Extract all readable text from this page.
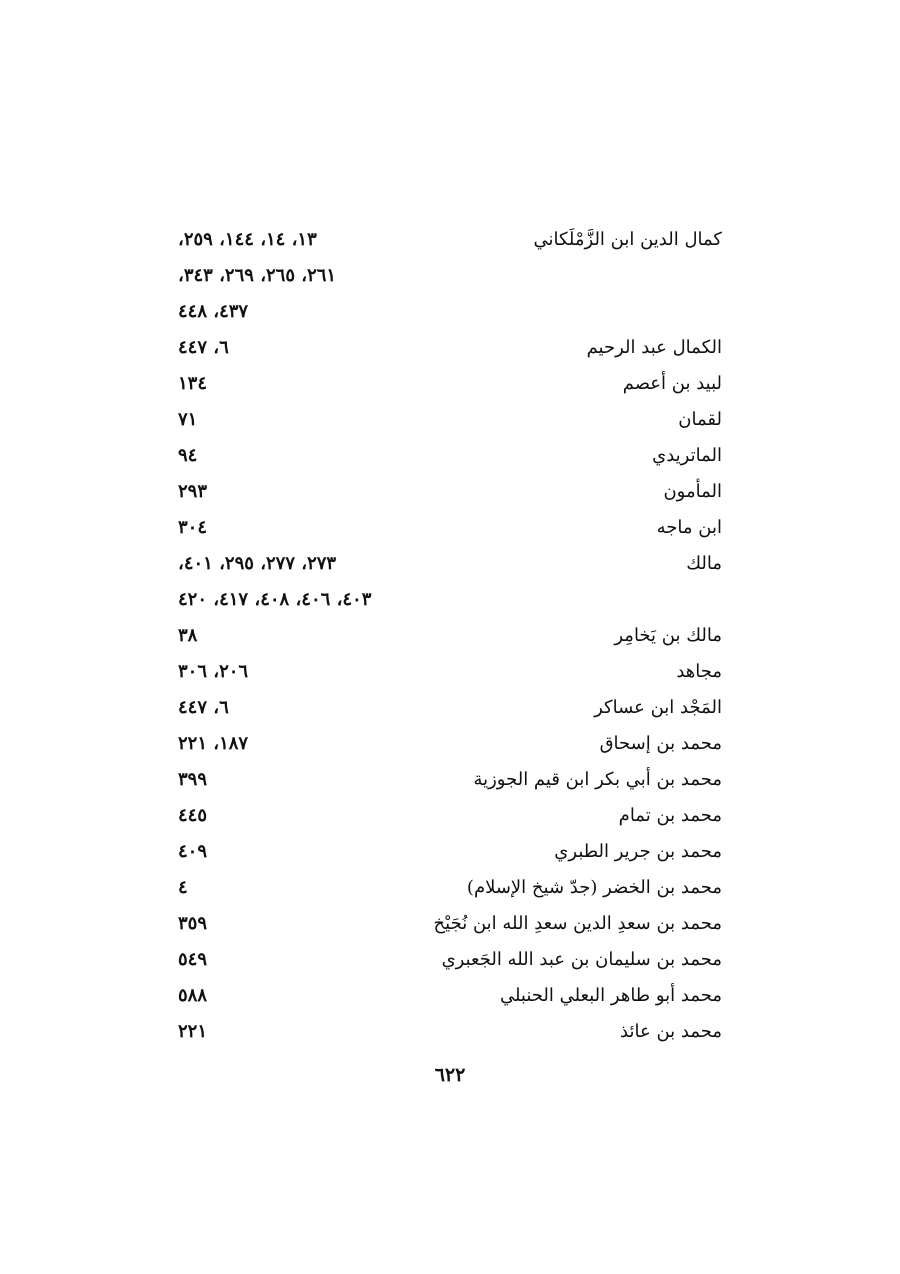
كمال الدين ابن الزَّمْلَكاني
١٣، ١٤، ١٤٤، ٢٥٩،
٢٦١، ٢٦٥، ٢٦٩، ٣٤٣،
٤٣٧، ٤٤٨
الكمال عبد الرحيم
٦، ٤٤٧
لبيد بن أعصم
١٣٤
لقمان
٧١
الماتريدي
٩٤
المأمون
٢٩٣
ابن ماجه
٣٠٤
مالك
٢٧٣، ٢٧٧، ٢٩٥، ٤٠١،
٤٠٣، ٤٠٦، ٤٠٨، ٤١٧، ٤٢٠
مالك بن يَخامِر
٣٨
مجاهد
٢٠٦، ٣٠٦
المَجْد ابن عساكر
٦، ٤٤٧
محمد بن إسحاق
١٨٧، ٢٢١
محمد بن أبي بكر ابن قيم الجوزية
٣٩٩
محمد بن تمام
٤٤٥
محمد بن جرير الطبري
٤٠٩
محمد بن الخضر (جدّ شيخ الإسلام)
٤
محمد بن سعدِ الدين سعدِ الله ابن نُجَيْخ
٣٥٩
محمد بن سليمان بن عبد الله الجَعبري
٥٤٩
محمد أبو طاهر البعلي الحنبلي
٥٨٨
محمد بن عائذ
٢٢١
٦٢٢
